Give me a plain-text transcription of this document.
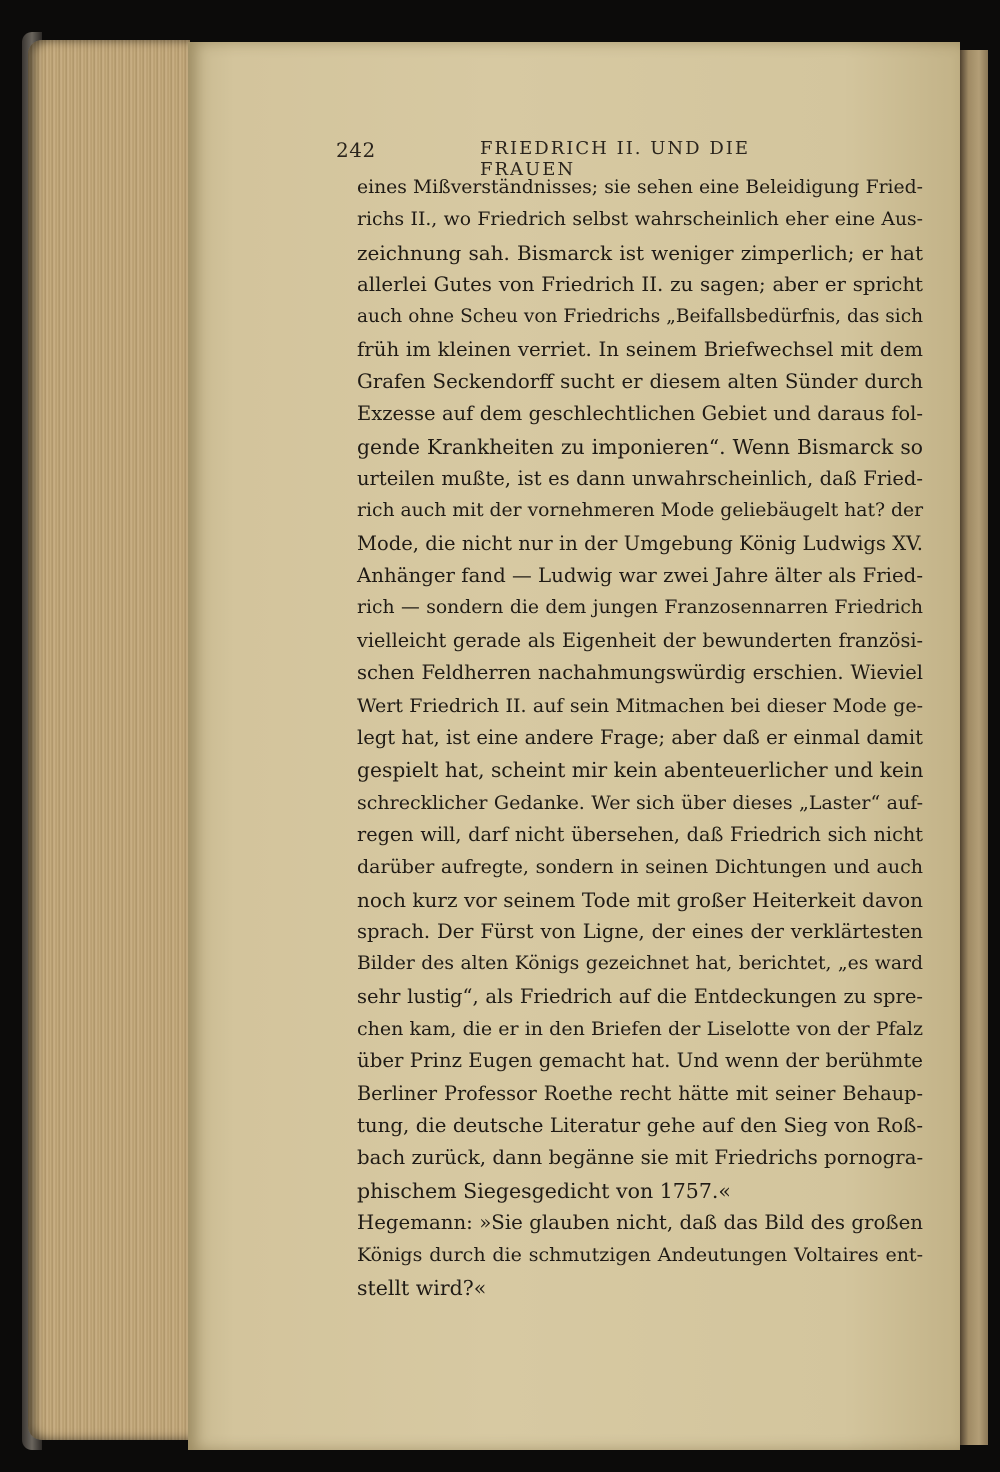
242	FRIEDRICH II. UND DIE FRAUEN
eines Mißverständnisses; sie sehen eine Beleidigung Fried-
richs II., wo Friedrich selbst wahrscheinlich eher eine Aus-
zeichnung sah. Bismarck ist weniger zimperlich; er hat
allerlei Gutes von Friedrich II. zu sagen; aber er spricht
auch ohne Scheu von Friedrichs „Beifallsbedürfnis, das sich
früh im kleinen verriet. In seinem Briefwechsel mit dem
Grafen Seckendorff sucht er diesem alten Sünder durch
Exzesse auf dem geschlechtlichen Gebiet und daraus fol-
gende Krankheiten zu imponieren“. Wenn Bismarck so
urteilen mußte, ist es dann unwahrscheinlich, daß Fried-
rich auch mit der vornehmeren Mode geliebäugelt hat? der
Mode, die nicht nur in der Umgebung König Ludwigs XV.
Anhänger fand — Ludwig war zwei Jahre älter als Fried-
rich — sondern die dem jungen Franzosennarren Friedrich
vielleicht gerade als Eigenheit der bewunderten französi-
schen Feldherren nachahmungswürdig erschien. Wieviel
Wert Friedrich II. auf sein Mitmachen bei dieser Mode ge-
legt hat, ist eine andere Frage; aber daß er einmal damit
gespielt hat, scheint mir kein abenteuerlicher und kein
schrecklicher Gedanke. Wer sich über dieses „Laster“ auf-
regen will, darf nicht übersehen, daß Friedrich sich nicht
darüber aufregte, sondern in seinen Dichtungen und auch
noch kurz vor seinem Tode mit großer Heiterkeit davon
sprach. Der Fürst von Ligne, der eines der verklärtesten
Bilder des alten Königs gezeichnet hat, berichtet, „es ward
sehr lustig“, als Friedrich auf die Entdeckungen zu spre-
chen kam, die er in den Briefen der Liselotte von der Pfalz
über Prinz Eugen gemacht hat. Und wenn der berühmte
Berliner Professor Roethe recht hätte mit seiner Behaup-
tung, die deutsche Literatur gehe auf den Sieg von Roß-
bach zurück, dann begänne sie mit Friedrichs pornogra-
phischem Siegesgedicht von 1757.«
Hegemann: »Sie glauben nicht, daß das Bild des großen
Königs durch die schmutzigen Andeutungen Voltaires ent-
stellt wird?«
